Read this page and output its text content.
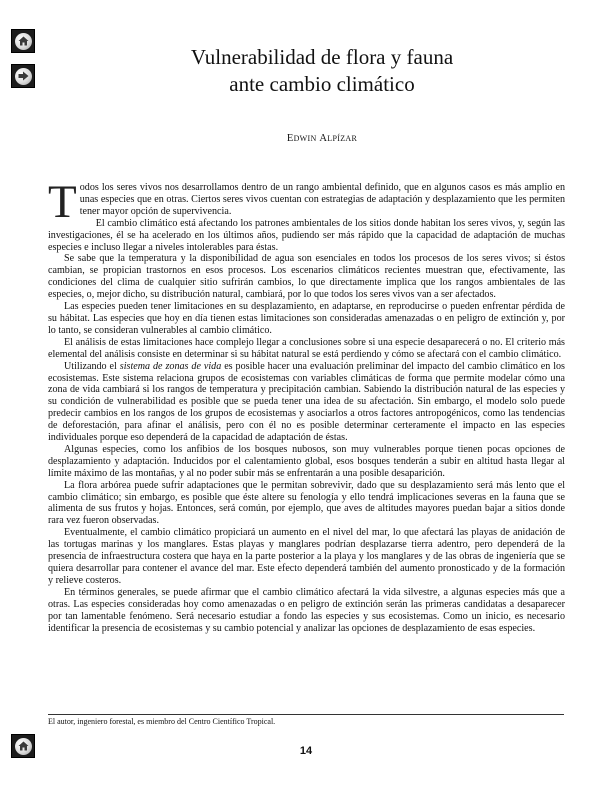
Vulnerabilidad de flora y fauna
ante cambio climático
EDWIN ALPÍZAR

Todos los seres vivos nos desarrollamos dentro de un rango ambiental definido, que en algunos casos es más amplio en unas especies que en otras. Ciertos seres vivos cuentan con estrategias de adaptación y desplazamiento que les permiten tener mayor opción de supervivencia.

El cambio climático está afectando los patrones ambientales de los sitios donde habitan los seres vivos, y, según las investigaciones, él se ha acelerado en los últimos años, pudiendo ser más rápido que la capacidad de adaptación de muchas especies e incluso llegar a niveles intolerables para éstas.

Se sabe que la temperatura y la disponibilidad de agua son esenciales en todos los procesos de los seres vivos; si éstos cambian, se propician trastornos en esos procesos. Los escenarios climáticos recientes muestran que, efectivamente, las condiciones del clima de cualquier sitio sufrirán cambios, lo que directamente implica que los rangos ambientales de las especies, o, mejor dicho, su distribución natural, cambiará, por lo que todos los seres vivos van a ser afectados.

Las especies pueden tener limitaciones en su desplazamiento, en adaptarse, en reproducirse o pueden enfrentar pérdida de su hábitat. Las especies que hoy en día tienen estas limitaciones son consideradas amenazadas o en peligro de extinción y, por lo tanto, se consideran vulnerables al cambio climático.

El análisis de estas limitaciones hace complejo llegar a conclusiones sobre si una especie desaparecerá o no. El criterio más elemental del análisis consiste en determinar si su hábitat natural se está perdiendo y cómo se afectará con el cambio climático.

Utilizando el sistema de zonas de vida es posible hacer una evaluación preliminar del impacto del cambio climático en los ecosistemas. Este sistema relaciona grupos de ecosistemas con variables climáticas de forma que permite modelar cómo una zona de vida cambiará si los rangos de temperatura y precipitación cambian. Sabiendo la distribución natural de las especies y su condición de vulnerabilidad es posible que se pueda tener una idea de su afectación. Sin embargo, el modelo solo puede predecir cambios en los rangos de los grupos de ecosistemas y asociarlos a otros factores antropogénicos, como las tendencias de deforestación, para afinar el análisis, pero con él no es posible determinar certeramente el impacto en las especies individuales porque eso dependerá de la capacidad de adaptación de éstas.

Algunas especies, como los anfibios de los bosques nubosos, son muy vulnerables porque tienen pocas opciones de desplazamiento y adaptación. Inducidos por el calentamiento global, esos bosques tenderán a subir en altitud hasta llegar al límite máximo de las montañas, y al no poder subir más se enfrentarán a una posible desaparición.

La flora arbórea puede sufrir adaptaciones que le permitan sobrevivir, dado que su desplazamiento será más lento que el cambio climático; sin embargo, es posible que éste altere su fenología y ello tendrá implicaciones severas en la fauna que se alimenta de sus frutos y hojas. Entonces, será común, por ejemplo, que aves de altitudes mayores puedan bajar a sitios donde rara vez fueron observadas.

Eventualmente, el cambio climático propiciará un aumento en el nivel del mar, lo que afectará las playas de anidación de las tortugas marinas y los manglares. Estas playas y manglares podrían desplazarse tierra adentro, pero dependerá de la presencia de infraestructura costera que haya en la parte posterior a la playa y los manglares y de las obras de ingeniería que se quiera desarrollar para contener el avance del mar. Este efecto dependerá también del aumento pronosticado y de la formación y relieve costeros.

En términos generales, se puede afirmar que el cambio climático afectará la vida silvestre, a algunas especies más que a otras. Las especies consideradas hoy como amenazadas o en peligro de extinción serán las primeras candidatas a desaparecer por tan lamentable fenómeno. Será necesario estudiar a fondo las especies y sus ecosistemas. Como un inicio, es necesario identificar la presencia de ecosistemas y su cambio potencial y analizar las opciones de desplazamiento de esas especies.

El autor, ingeniero forestal, es miembro del Centro Científico Tropical.
14
